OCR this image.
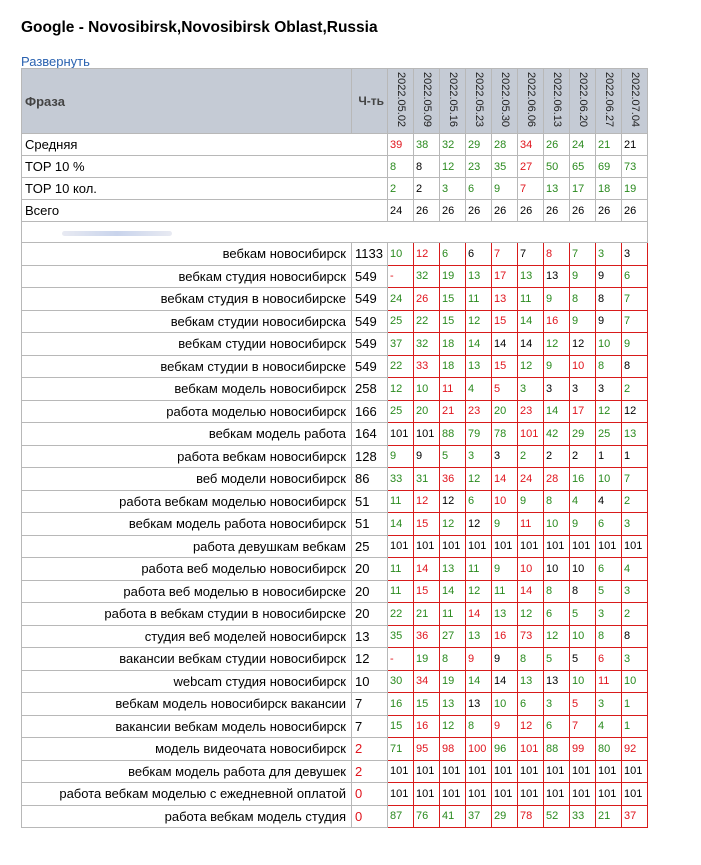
Google - Novosibirsk,Novosibirsk Oblast,Russia
Развернуть
Фраза	Ч-ть	2022.05.02	2022.05.09	2022.05.16	2022.05.23	2022.05.30	2022.06.06	2022.06.13	2022.06.20	2022.06.27	2022.07.04

Средняя		39	38	32	29	28	34	26	24	21	21
TOP 10 %		8	8	12	23	35	27	50	65	69	73
TOP 10 кол.		2	2	3	6	9	7	13	17	18	19
Всего		24	26	26	26	26	26	26	26	26	26

вебкам новосибирск	1133	10	12	6	6	7	7	8	7	3	3
вебкам студия новосибирск	549	-	32	19	13	17	13	13	9	9	6
вебкам студия в новосибирске	549	24	26	15	11	13	11	9	8	8	7
вебкам студии новосибирска	549	25	22	15	12	15	14	16	9	9	7
вебкам студии новосибирск	549	37	32	18	14	14	14	12	12	10	9
вебкам студии в новосибирске	549	22	33	18	13	15	12	9	10	8	8
вебкам модель новосибирск	258	12	10	11	4	5	3	3	3	3	2
работа моделью новосибирск	166	25	20	21	23	20	23	14	17	12	12
вебкам модель работа	164	101	101	88	79	78	101	42	29	25	13
работа вебкам новосибирск	128	9	9	5	3	3	2	2	2	1	1
веб модели новосибирск	86	33	31	36	12	14	24	28	16	10	7
работа вебкам моделью новосибирск	51	11	12	12	6	10	9	8	4	4	2
вебкам модель работа новосибирск	51	14	15	12	12	9	11	10	9	6	3
работа девушкам вебкам	25	101	101	101	101	101	101	101	101	101	101
работа веб моделью новосибирск	20	11	14	13	11	9	10	10	10	6	4
работа веб моделью в новосибирске	20	11	15	14	12	11	14	8	8	5	3
работа в вебкам студии в новосибирске	20	22	21	11	14	13	12	6	5	3	2
студия веб моделей новосибирск	13	35	36	27	13	16	73	12	10	8	8
вакансии вебкам студии новосибирск	12	-	19	8	9	9	8	5	5	6	3
webcam студия новосибирск	10	30	34	19	14	14	13	13	10	11	10
вебкам модель новосибирск вакансии	7	16	15	13	13	10	6	3	5	3	1
вакансии вебкам модель новосибирск	7	15	16	12	8	9	12	6	7	4	1
модель видеочата новосибирск	2	71	95	98	100	96	101	88	99	80	92
вебкам модель работа для девушек	2	101	101	101	101	101	101	101	101	101	101
работа вебкам моделью с ежедневной оплатой	0	101	101	101	101	101	101	101	101	101	101
работа вебкам модель студия	0	87	76	41	37	29	78	52	33	21	37
